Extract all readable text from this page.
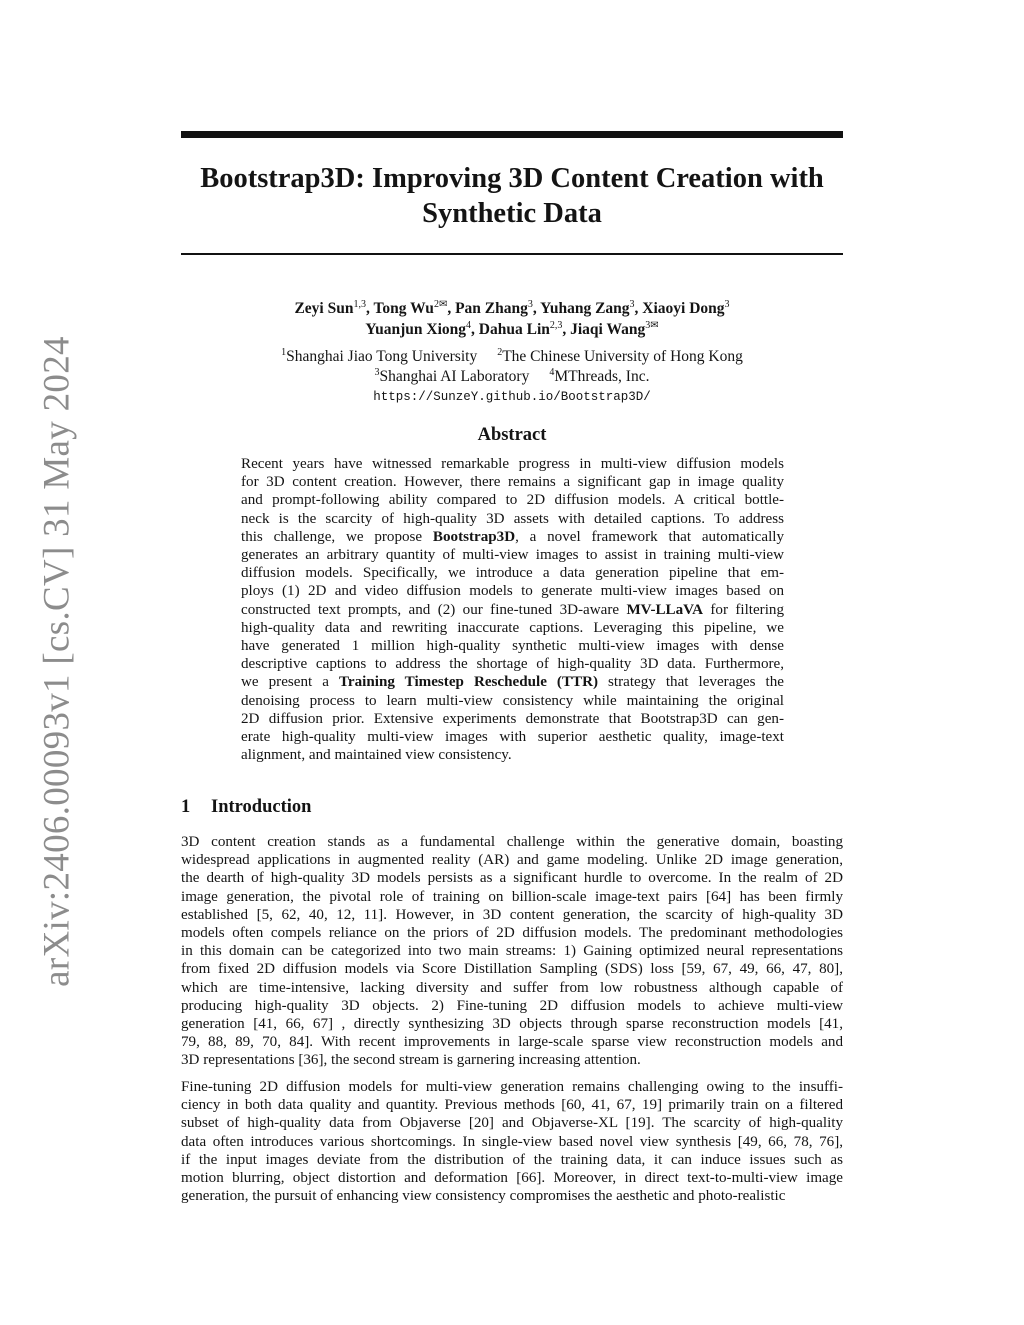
arXiv:2406.00093v1 [cs.CV] 31 May 2024
Bootstrap3D: Improving 3D Content Creation with
Synthetic Data
Zeyi Sun$^{1,3}$, Tong $Wu^{2✉}$, Pan Zhang$^3$, Yuhang Zang$^3$, Xiaoyi Dong$^3$
Yuanjun Xiong$^4$, Dahua Lin$^{2,3}$, Jiaqi Wang$^{3✉}$
$^1$Shanghai Jiao Tong University $^2$The Chinese University of Hong Kong
$^3$Shanghai AI Laboratory $^4$MThreads, Inc.
https://SunzeY.github.io/Bootstrap3D/
Abstract
Recent years have witnessed remarkable progress in multi-view diffusion models
for 3D content creation. However, there remains a significant gap in image quality
and prompt-following ability compared to 2D diffusion models. A critical bottle-
neck is the scarcity of high-quality 3D assets with detailed captions. To address
this challenge, we propose Bootstrap3D, a novel framework that automatically
generates an arbitrary quantity of multi-view images to assist in training multi-view
diffusion models. Specifically, we introduce a data generation pipeline that em-
ploys (1) 2D and video diffusion models to generate multi-view images based on
constructed text prompts, and (2) our fine-tuned 3D-aware MV-LLaVA for filtering
high-quality data and rewriting inaccurate captions. Leveraging this pipeline, we
have generated 1 million high-quality synthetic multi-view images with dense
descriptive captions to address the shortage of high-quality 3D data. Furthermore,
we present a Training Timestep Reschedule (TTR) strategy that leverages the
denoising process to learn multi-view consistency while maintaining the original
2D diffusion prior. Extensive experiments demonstrate that Bootstrap3D can gen-
erate high-quality multi-view images with superior aesthetic quality, image-text
alignment, and maintained view consistency.
1 Introduction
3D content creation stands as a fundamental challenge within the generative domain, boasting
widespread applications in augmented reality (AR) and game modeling. Unlike 2D image generation,
the dearth of high-quality 3D models persists as a significant hurdle to overcome. In the realm of 2D
image generation, the pivotal role of training on billion-scale image-text pairs [64] has been firmly
established [5, 62, 40, 12, 11]. However, in 3D content generation, the scarcity of high-quality 3D
models often compels reliance on the priors of 2D diffusion models. The predominant methodologies
in this domain can be categorized into two main streams: 1) Gaining optimized neural representations
from fixed 2D diffusion models via Score Distillation Sampling (SDS) loss [59, 67, 49, 66, 47, 80],
which are time-intensive, lacking diversity and suffer from low robustness although capable of
producing high-quality 3D objects. 2) Fine-tuning 2D diffusion models to achieve multi-view
generation [41, 66, 67] , directly synthesizing 3D objects through sparse reconstruction models [41,
79, 88, 89, 70, 84]. With recent improvements in large-scale sparse view reconstruction models and
3D representations [36], the second stream is garnering increasing attention.
Fine-tuning 2D diffusion models for multi-view generation remains challenging owing to the insuffi-
ciency in both data quality and quantity. Previous methods [60, 41, 67, 19] primarily train on a filtered
subset of high-quality data from Objaverse [20] and Objaverse-XL [19]. The scarcity of high-quality
data often introduces various shortcomings. In single-view based novel view synthesis [49, 66, 78, 76],
if the input images deviate from the distribution of the training data, it can induce issues such as
motion blurring, object distortion and deformation [66]. Moreover, in direct text-to-multi-view image
generation, the pursuit of enhancing view consistency compromises the aesthetic and photo-realistic
